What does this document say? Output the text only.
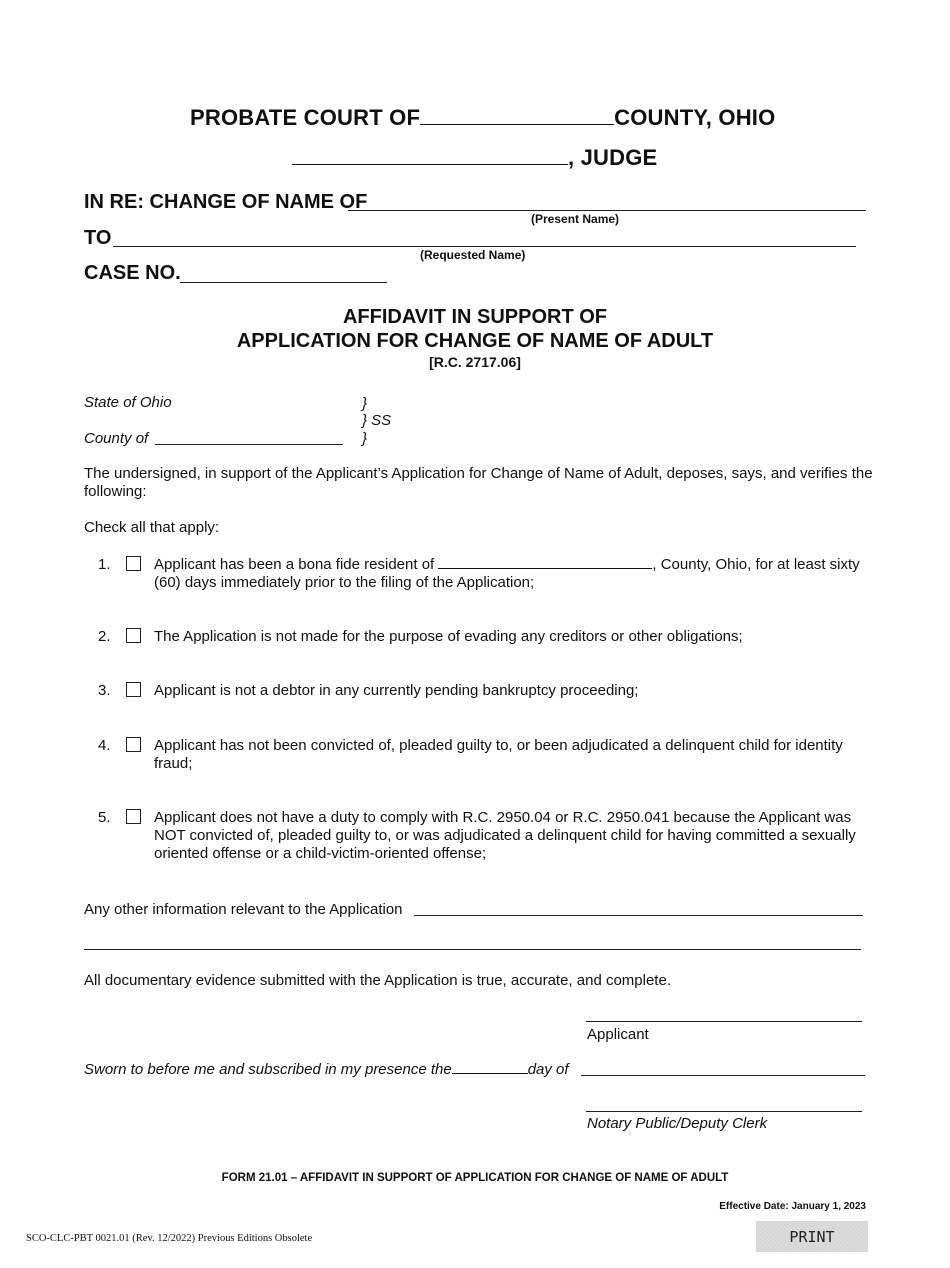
PROBATE COURT OF	COUNTY, OHIO
, JUDGE
IN RE: CHANGE OF NAME OF
(Present Name)
TO
(Requested Name)
CASE NO.
AFFIDAVIT IN SUPPORT OF
APPLICATION FOR CHANGE OF NAME OF ADULT
[R.C. 2717.06]
State of Ohio
County of
}
} SS
}
The undersigned, in support of the Applicant’s Application for Change of Name of Adult, deposes, says, and verifies the following:
Check all that apply:
1.	Applicant has been a bona fide resident of	, County, Ohio, for at least sixty (60) days immediately prior to the filing of the Application;
2.	The Application is not made for the purpose of evading any creditors or other obligations;
3.	Applicant is not a debtor in any currently pending bankruptcy proceeding;
4.	Applicant has not been convicted of, pleaded guilty to, or been adjudicated a delinquent child for identity fraud;
5.	Applicant does not have a duty to comply with R.C. 2950.04 or R.C. 2950.041 because the Applicant was NOT convicted of, pleaded guilty to, or was adjudicated a delinquent child for having committed a sexually oriented offense or a child-victim-oriented offense;
Any other information relevant to the Application
All documentary evidence submitted with the Application is true, accurate, and complete.
Applicant
Sworn to before me and subscribed in my presence the	day of
Notary Public/Deputy Clerk
FORM 21.01 – AFFIDAVIT IN SUPPORT OF APPLICATION FOR CHANGE OF NAME OF ADULT
Effective Date: January 1, 2023
SCO-CLC-PBT 0021.01 (Rev. 12/2022) Previous Editions Obsolete	PRINT
